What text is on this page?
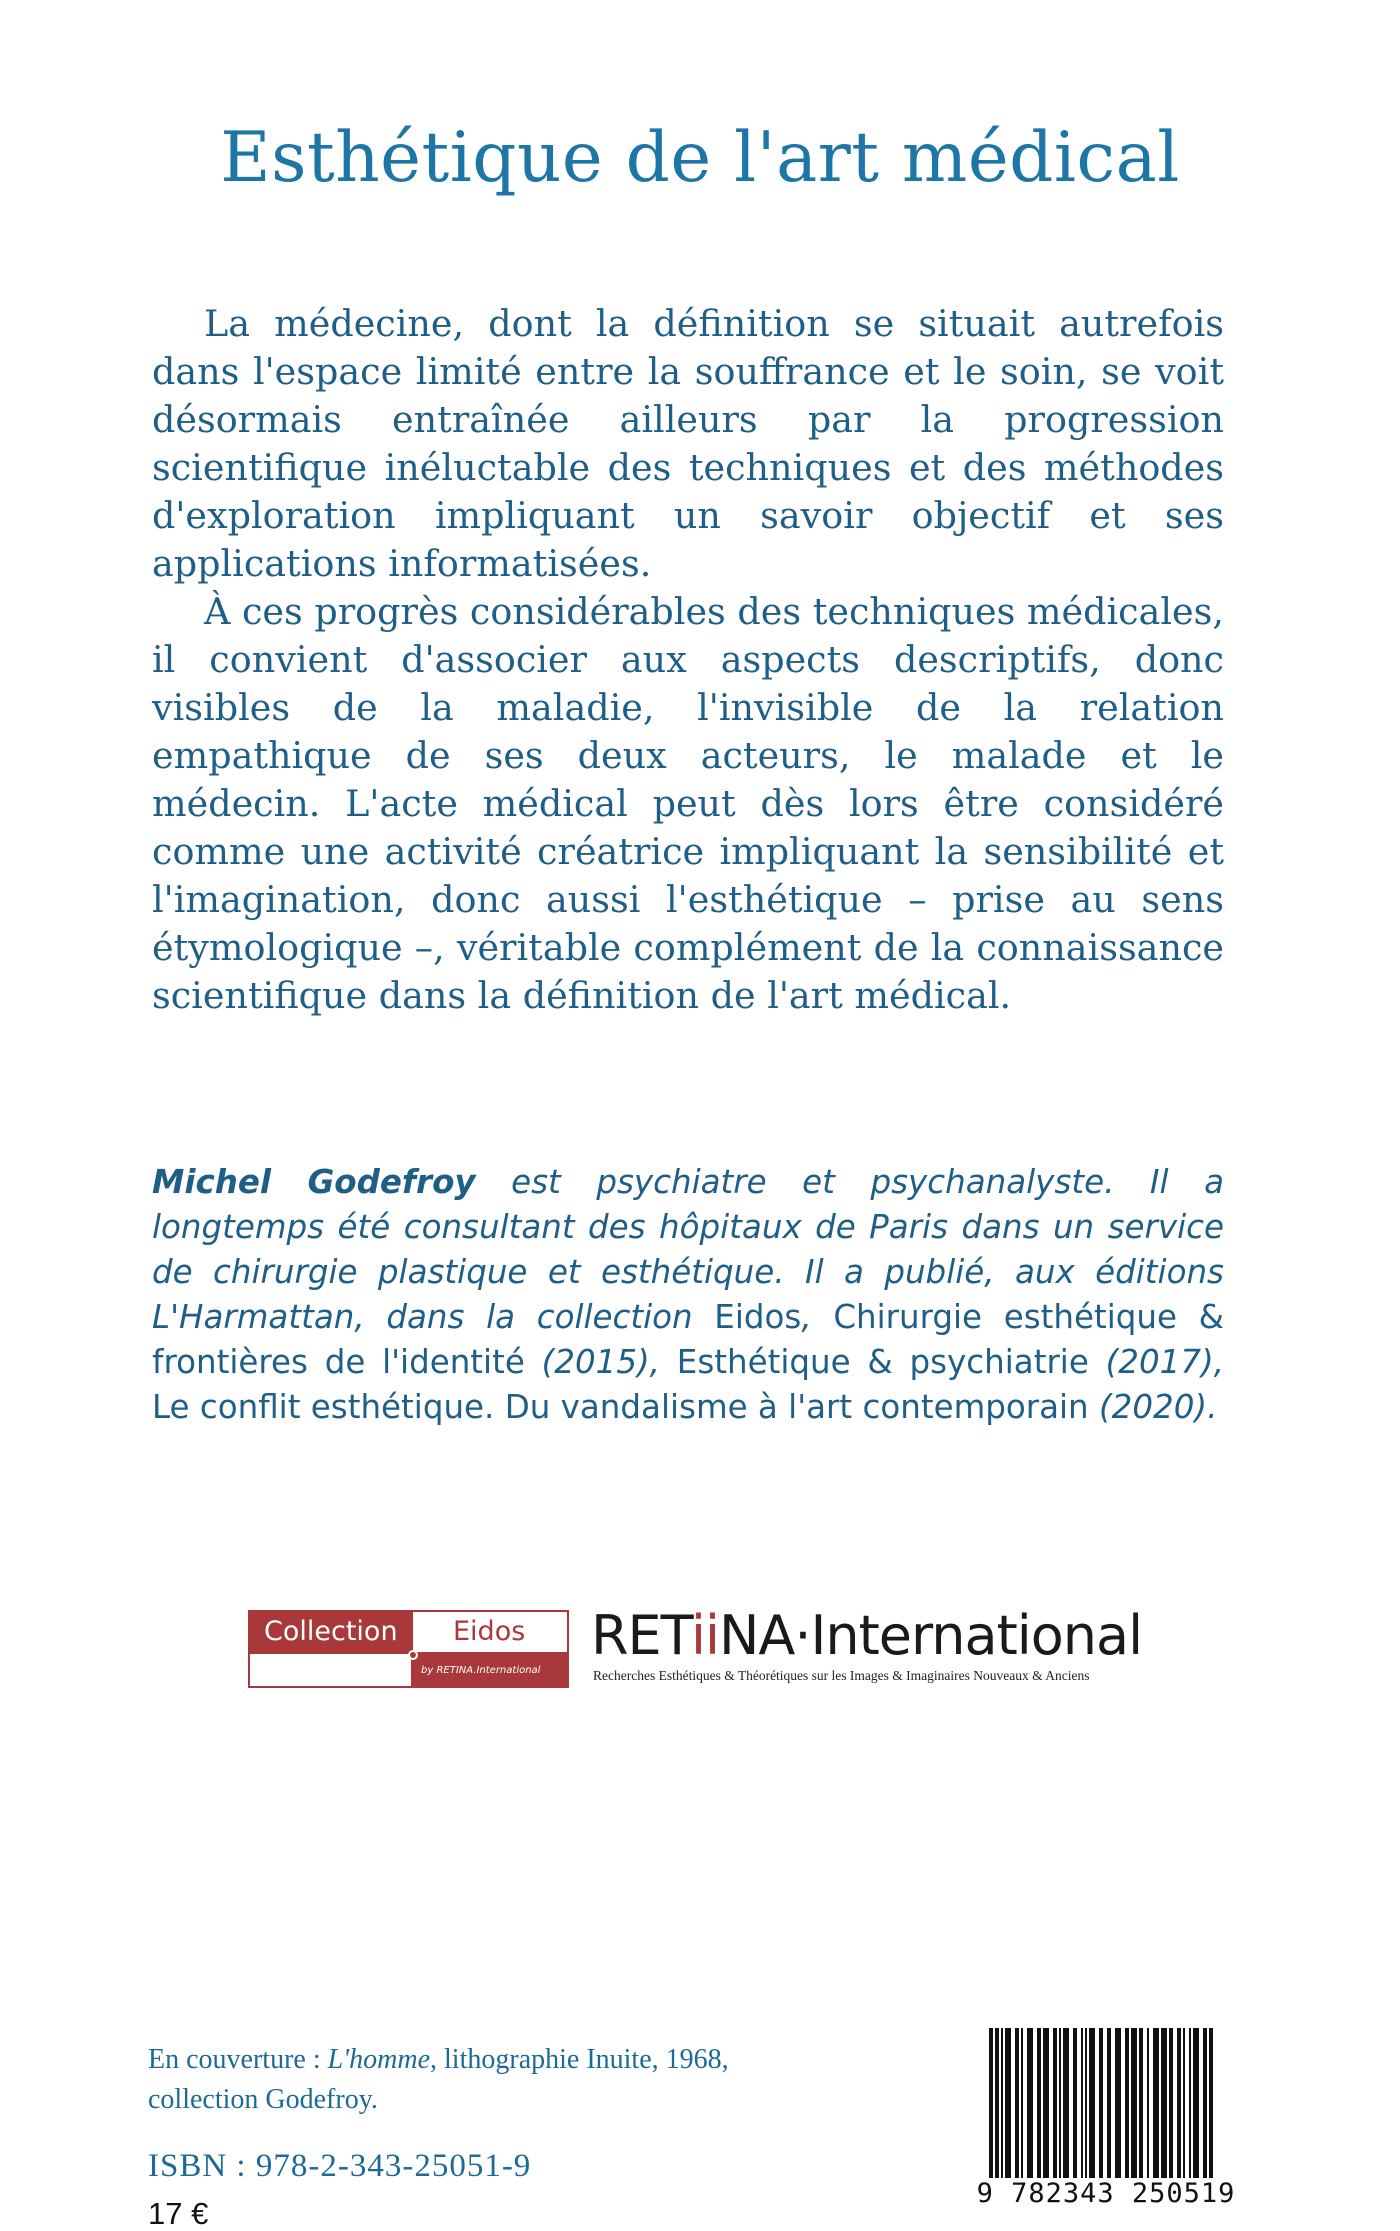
Esthétique de l'art médical

La médecine, dont la définition se situait autrefois dans l'espace limité entre la souffrance et le soin, se voit désormais entraînée ailleurs par la progression scientifique inéluctable des techniques et des méthodes d'exploration impliquant un savoir objectif et ses applications informatisées.

À ces progrès considérables des techniques médicales, il convient d'associer aux aspects descriptifs, donc visibles de la maladie, l'invisible de la relation empathique de ses deux acteurs, le malade et le médecin. L'acte médical peut dès lors être considéré comme une activité créatrice impliquant la sensibilité et l'imagination, donc aussi l'esthétique – prise au sens étymologique –, véritable complément de la connaissance scientifique dans la définition de l'art médical.

Michel Godefroy est psychiatre et psychanalyste. Il a longtemps été consultant des hôpitaux de Paris dans un service de chirurgie plastique et esthétique. Il a publié, aux éditions L'Harmattan, dans la collection Eidos, Chirurgie esthétique & frontières de l'identité (2015), Esthétique & psychiatrie (2017), Le conflit esthétique. Du vandalisme à l'art contemporain (2020).
Collection	Eidos
by RETINA.International
RETiiNA·International
Recherches Esthétiques & Théorétiques sur les Images & Imaginaires Nouveaux & Anciens
En couverture : L'homme, lithographie Inuite, 1968, collection Godefroy.
ISBN : 978-2-343-25051-9
17 €
9 782343 250519
